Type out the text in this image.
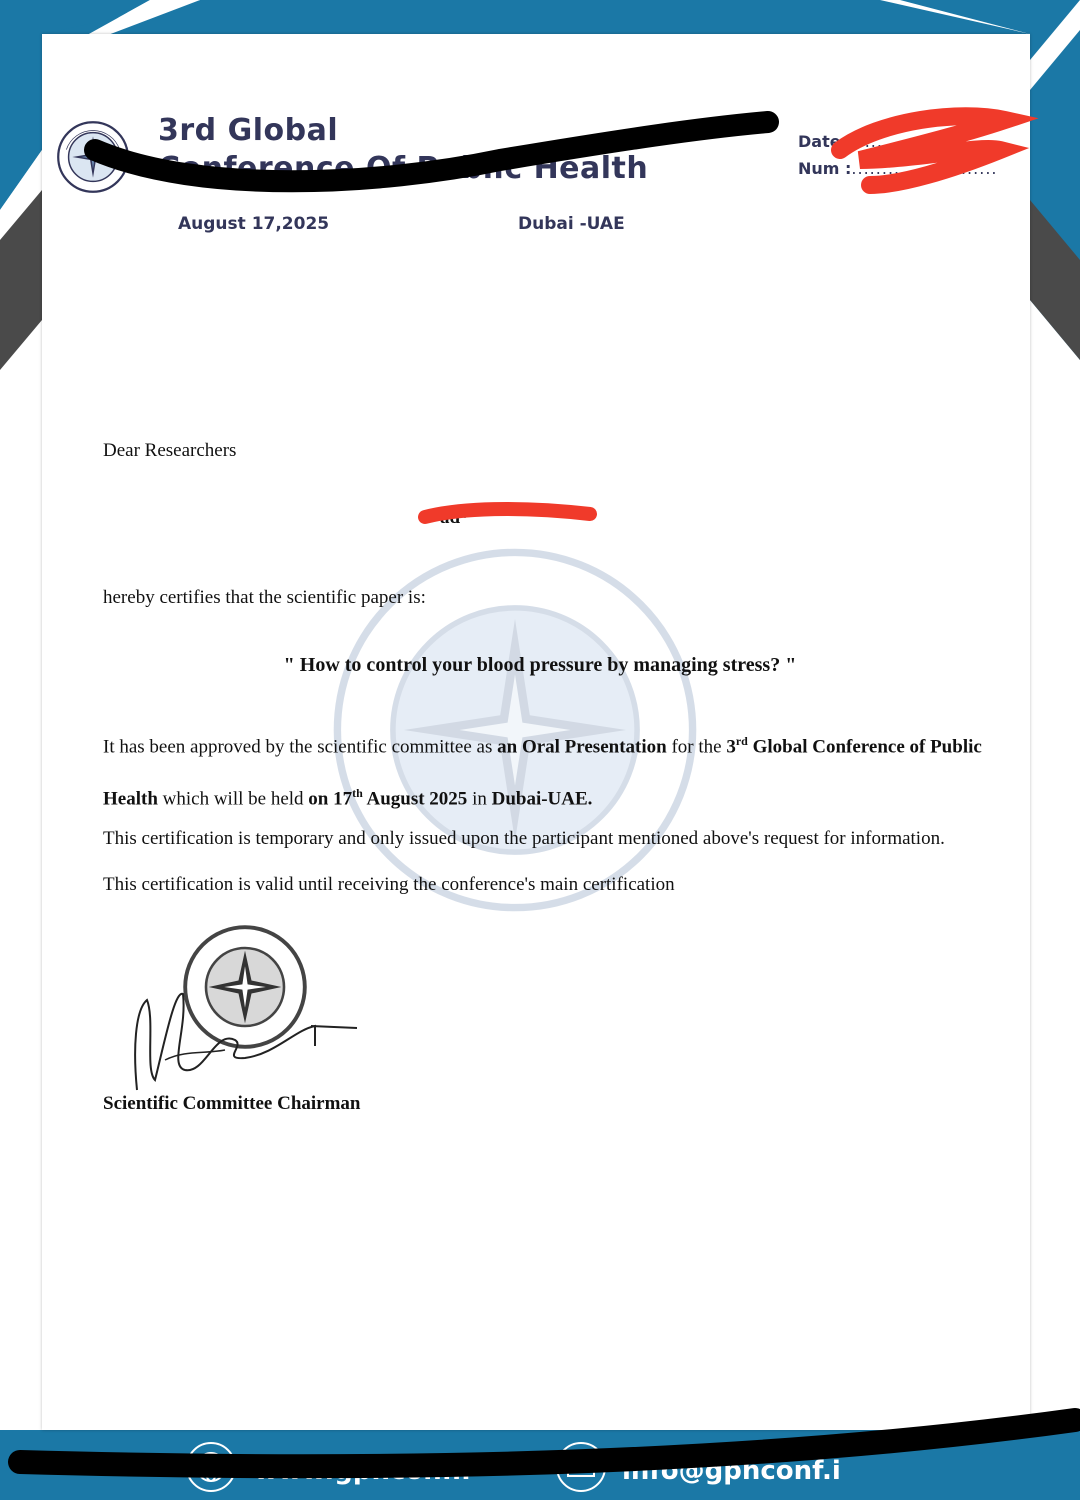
3rd Global
Conference Of Public Health
August 17,2025	Dubai -UAE
Date :.......................
Num :........................
Dear Researchers
ad*
hereby certifies that the scientific paper is:
" How to control your blood pressure by managing stress? "
It has been approved by the scientific committee as an Oral Presentation for the 3rd Global Conference of Public Health which will be held on 17th August 2025 in Dubai-UAE.
This certification is temporary and only issued upon the participant mentioned above's request for information.
This certification is valid until receiving the conference's main certification
Scientific Committee Chairman
www.gphconf.i	info@gphconf.i
